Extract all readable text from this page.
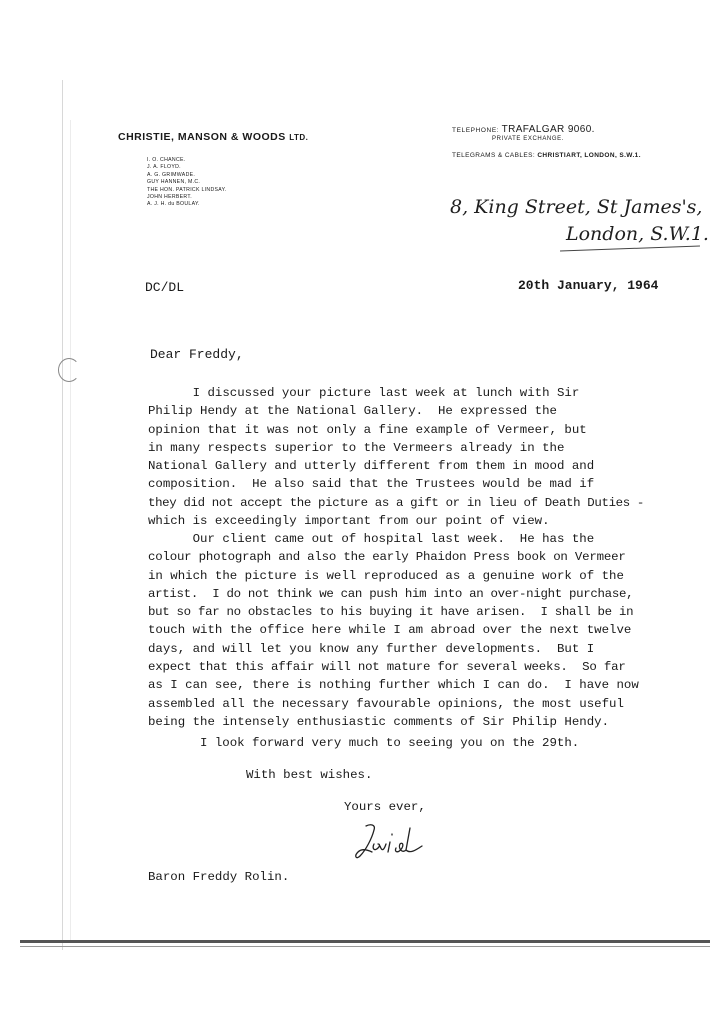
CHRISTIE, MANSON & WOODS LTD.
I. O. CHANCE.
J. A. FLOYD.
A. G. GRIMWADE.
GUY HANNEN, M.C.
THE HON. PATRICK LINDSAY.
JOHN HERBERT.
A. J. H. du BOULAY.
TELEPHONE: TRAFALGAR 9060.
PRIVATE EXCHANGE.
TELEGRAMS & CABLES: CHRISTIART, LONDON, S.W.1.
8, King Street, St James's,
London, S.W.1.
DC/DL	20th January, 1964
Dear Freddy,
I discussed your picture last week at lunch with Sir
Philip Hendy at the National Gallery.  He expressed the
opinion that it was not only a fine example of Vermeer, but
in many respects superior to the Vermeers already in the
National Gallery and utterly different from them in mood and
composition.  He also said that the Trustees would be mad if
they did not accept the picture as a gift or in lieu of Death Duties -
which is exceedingly important from our point of view.
Our client came out of hospital last week.  He has the
colour photograph and also the early Phaidon Press book on Vermeer
in which the picture is well reproduced as a genuine work of the
artist.  I do not think we can push him into an over-night purchase,
but so far no obstacles to his buying it have arisen.  I shall be in
touch with the office here while I am abroad over the next twelve
days, and will let you know any further developments.  But I
expect that this affair will not mature for several weeks.  So far
as I can see, there is nothing further which I can do.  I have now
assembled all the necessary favourable opinions, the most useful
being the intensely enthusiastic comments of Sir Philip Hendy.
I look forward very much to seeing you on the 29th.
With best wishes.
Yours ever,
Baron Freddy Rolin.
